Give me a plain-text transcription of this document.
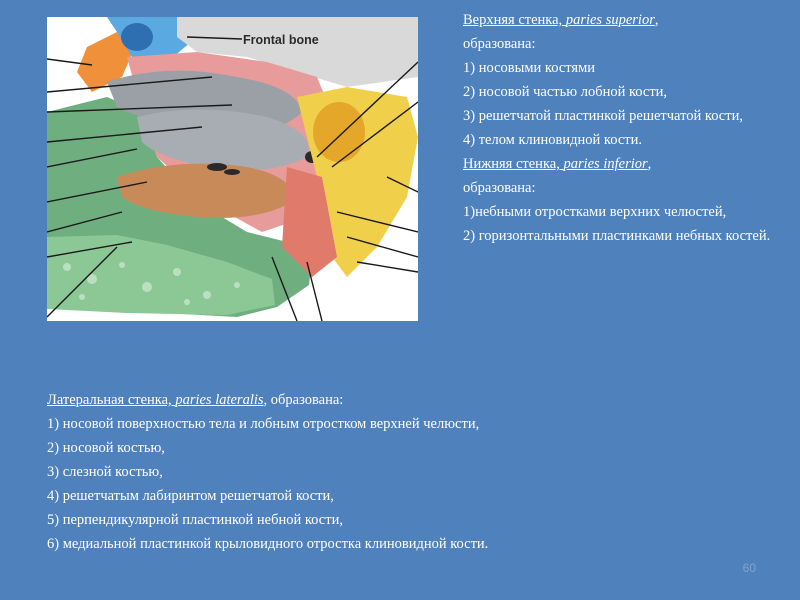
Frontal bone
Верхняя стенка, paries superior,
образована:
1) носовыми костями
2) носовой частью лобной кости,
3) решетчатой пластинкой решетчатой кости,
4) телом клиновидной кости.
Нижняя стенка, paries inferior,
образована:
1)небными отростками верхних челюстей,
2) горизонтальными пластинками небных костей.
Латеральная стенка, paries lateralis, образована:
1) носовой поверхностью тела и лобным отростком верхней челюсти,
2) носовой костью,
3) слезной костью,
4) решетчатым лабиринтом решетчатой кости,
5) перпендикулярной пластинкой небной кости,
6) медиальной пластинкой крыловидного отростка клиновидной кости.
60
